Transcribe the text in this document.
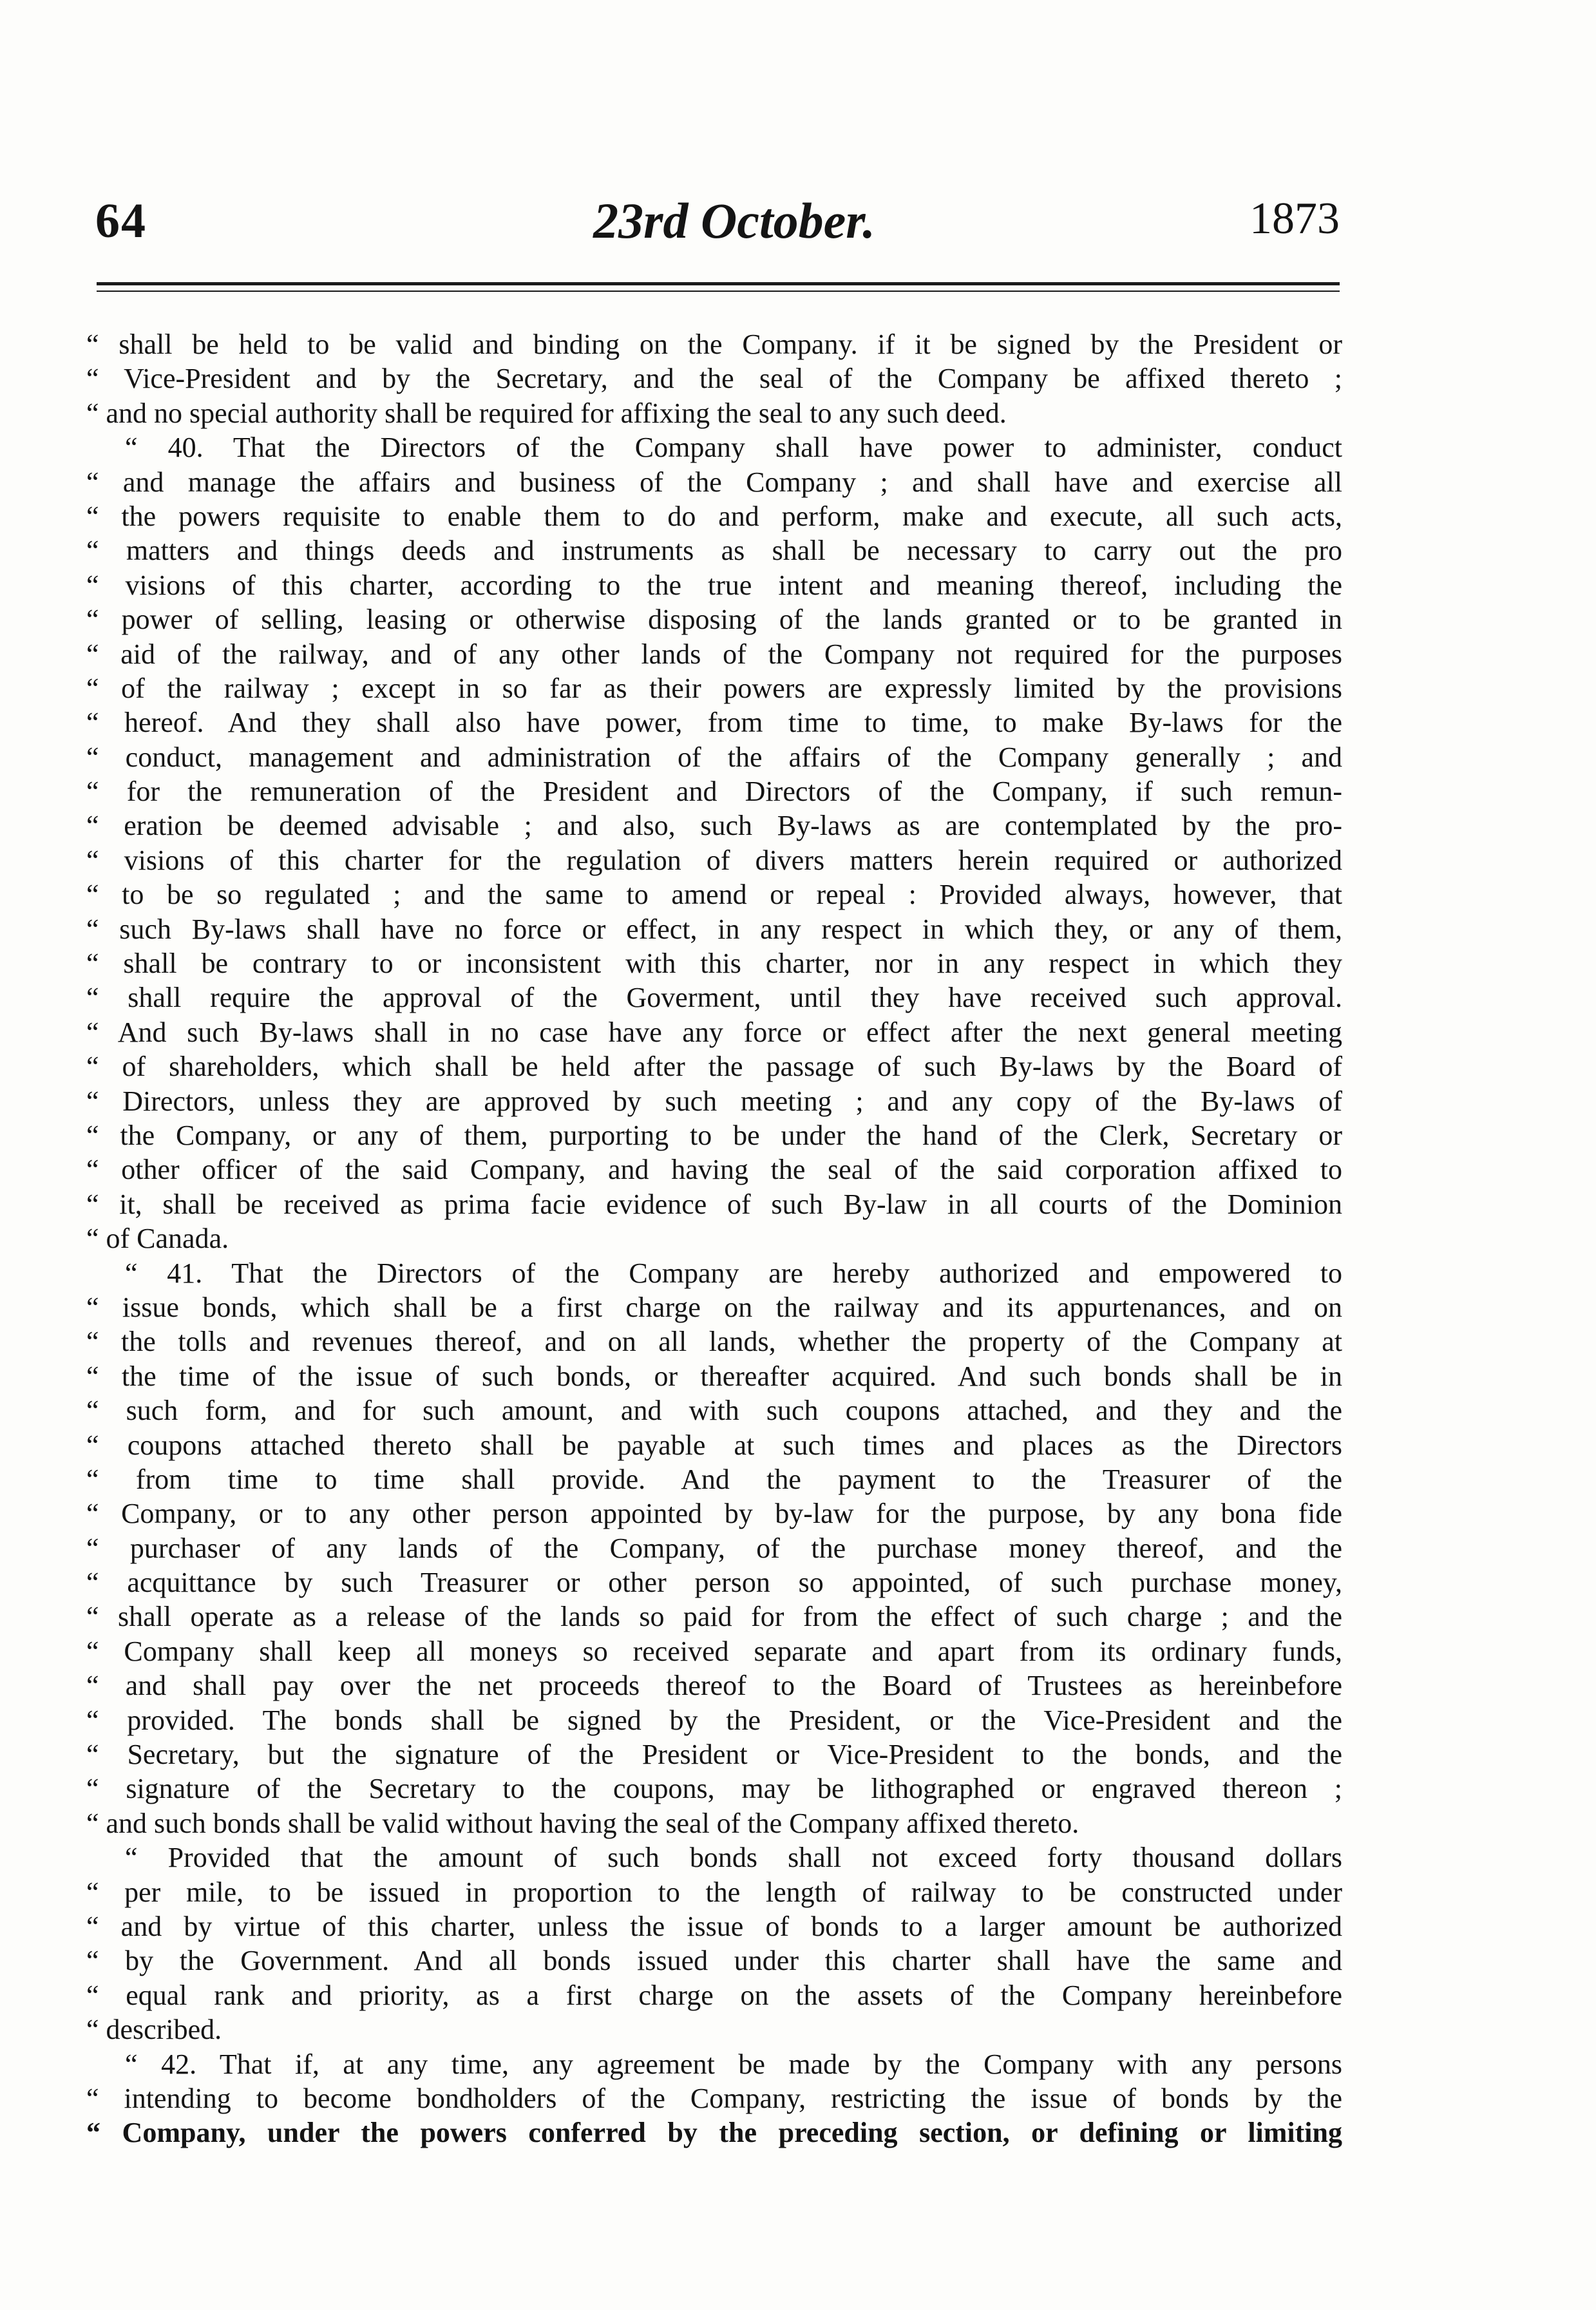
64	23rd October.	1873
“ shall be held to be valid and binding on the Company. if it be signed by the President or
“ Vice-President and by the Secretary, and the seal of the Company be affixed thereto ;
“ and no special authority shall be required for affixing the seal to any such deed.
“ 40. That the Directors of the Company shall have power to administer, conduct
“ and manage the affairs and business of the Company ; and shall have and exercise all
“ the powers requisite to enable them to do and perform, make and execute, all such acts,
“ matters and things deeds and instruments as shall be necessary to carry out the pro
“ visions of this charter, according to the true intent and meaning thereof, including the
“ power of selling, leasing or otherwise disposing of the lands granted or to be granted in
“ aid of the railway, and of any other lands of the Company not required for the purposes
“ of the railway ; except in so far as their powers are expressly limited by the provisions
“ hereof. And they shall also have power, from time to time, to make By-laws for the
“ conduct, management and administration of the affairs of the Company generally ; and
“ for the remuneration of the President and Directors of the Company, if such remun-
“ eration be deemed advisable ; and also, such By-laws as are contemplated by the pro-
“ visions of this charter for the regulation of divers matters herein required or authorized
“ to be so regulated ; and the same to amend or repeal : Provided always, however, that
“ such By-laws shall have no force or effect, in any respect in which they, or any of them,
“ shall be contrary to or inconsistent with this charter, nor in any respect in which they
“ shall require the approval of the Goverment, until they have received such approval.
“ And such By-laws shall in no case have any force or effect after the next general meeting
“ of shareholders, which shall be held after the passage of such By-laws by the Board of
“ Directors, unless they are approved by such meeting ; and any copy of the By-laws of
“ the Company, or any of them, purporting to be under the hand of the Clerk, Secretary or
“ other officer of the said Company, and having the seal of the said corporation affixed to
“ it, shall be received as prima facie evidence of such By-law in all courts of the Dominion
“ of Canada.
“ 41. That the Directors of the Company are hereby authorized and empowered to
“ issue bonds, which shall be a first charge on the railway and its appurtenances, and on
“ the tolls and revenues thereof, and on all lands, whether the property of the Company at
“ the time of the issue of such bonds, or thereafter acquired. And such bonds shall be in
“ such form, and for such amount, and with such coupons attached, and they and the
“ coupons attached thereto shall be payable at such times and places as the Directors
“ from time to time shall provide. And the payment to the Treasurer of the
“ Company, or to any other person appointed by by-law for the purpose, by any bona fide
“ purchaser of any lands of the Company, of the purchase money thereof, and the
“ acquittance by such Treasurer or other person so appointed, of such purchase money,
“ shall operate as a release of the lands so paid for from the effect of such charge ; and the
“ Company shall keep all moneys so received separate and apart from its ordinary funds,
“ and shall pay over the net proceeds thereof to the Board of Trustees as hereinbefore
“ provided. The bonds shall be signed by the President, or the Vice-President and the
“ Secretary, but the signature of the President or Vice-President to the bonds, and the
“ signature of the Secretary to the coupons, may be lithographed or engraved thereon ;
“ and such bonds shall be valid without having the seal of the Company affixed thereto.
“ Provided that the amount of such bonds shall not exceed forty thousand dollars
“ per mile, to be issued in proportion to the length of railway to be constructed under
“ and by virtue of this charter, unless the issue of bonds to a larger amount be authorized
“ by the Government. And all bonds issued under this charter shall have the same and
“ equal rank and priority, as a first charge on the assets of the Company hereinbefore
“ described.
“ 42. That if, at any time, any agreement be made by the Company with any persons
“ intending to become bondholders of the Company, restricting the issue of bonds by the
“ Company, under the powers conferred by the preceding section, or defining or limiting
